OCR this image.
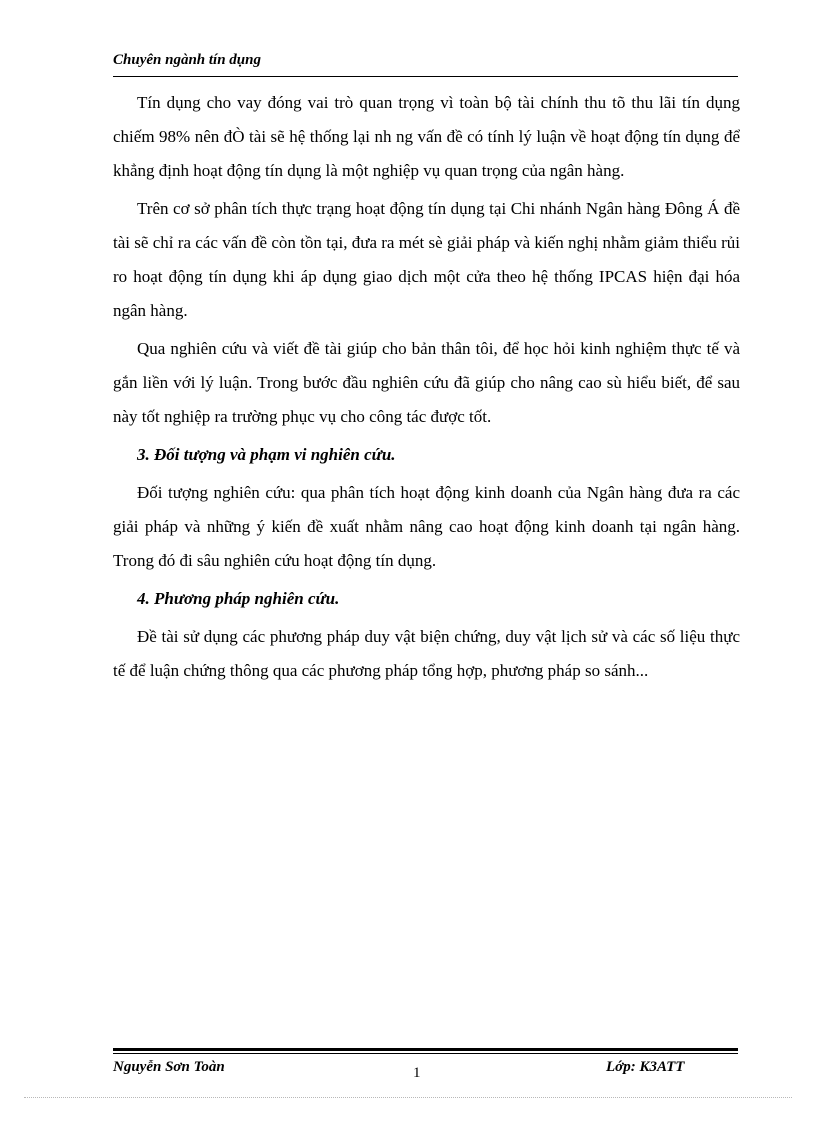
Chuyên ngành tín dụng

Tín dụng cho vay đóng vai trò quan trọng vì toàn bộ tài chính thu tõ thu lãi tín dụng chiếm 98% nên đÒ tài sẽ hệ thống lại nh ng vấn đề có tính lý luận về hoạt động tín dụng để khẳng định hoạt động tín dụng là một nghiệp vụ quan trọng của ngân hàng.

Trên cơ sở phân tích thực trạng hoạt động tín dụng tại Chi nhánh Ngân hàng Đông Á đề tài sẽ chỉ ra các vấn đề còn tồn tại, đưa ra mét sè giải pháp và kiến nghị nhằm giảm thiểu rủi ro hoạt động tín dụng khi áp dụng giao dịch một cửa theo hệ thống IPCAS hiện đại hóa ngân hàng.

Qua nghiên cứu và viết đề tài giúp cho bản thân tôi, để học hỏi kinh nghiệm thực tế và gắn liền với lý luận. Trong bước đầu nghiên cứu đã giúp cho nâng cao sù hiểu biết, để sau này tốt nghiệp ra trường phục vụ cho công tác được tốt.

3. Đối tượng và phạm vi nghiên cứu.

Đối tượng nghiên cứu: qua phân tích hoạt động kinh doanh của Ngân hàng đưa ra các giải pháp và những ý kiến đề xuất nhằm nâng cao hoạt động kinh doanh tại ngân hàng. Trong đó đi sâu nghiên cứu hoạt động tín dụng.

4. Phương pháp nghiên cứu.

Đề tài sử dụng các phương pháp duy vật biện chứng, duy vật lịch sử và các số liệu thực tế để luận chứng thông qua các phương pháp tổng hợp, phương pháp so sánh...

Nguyễn Sơn Toàn	1	Lớp: K3ATT
